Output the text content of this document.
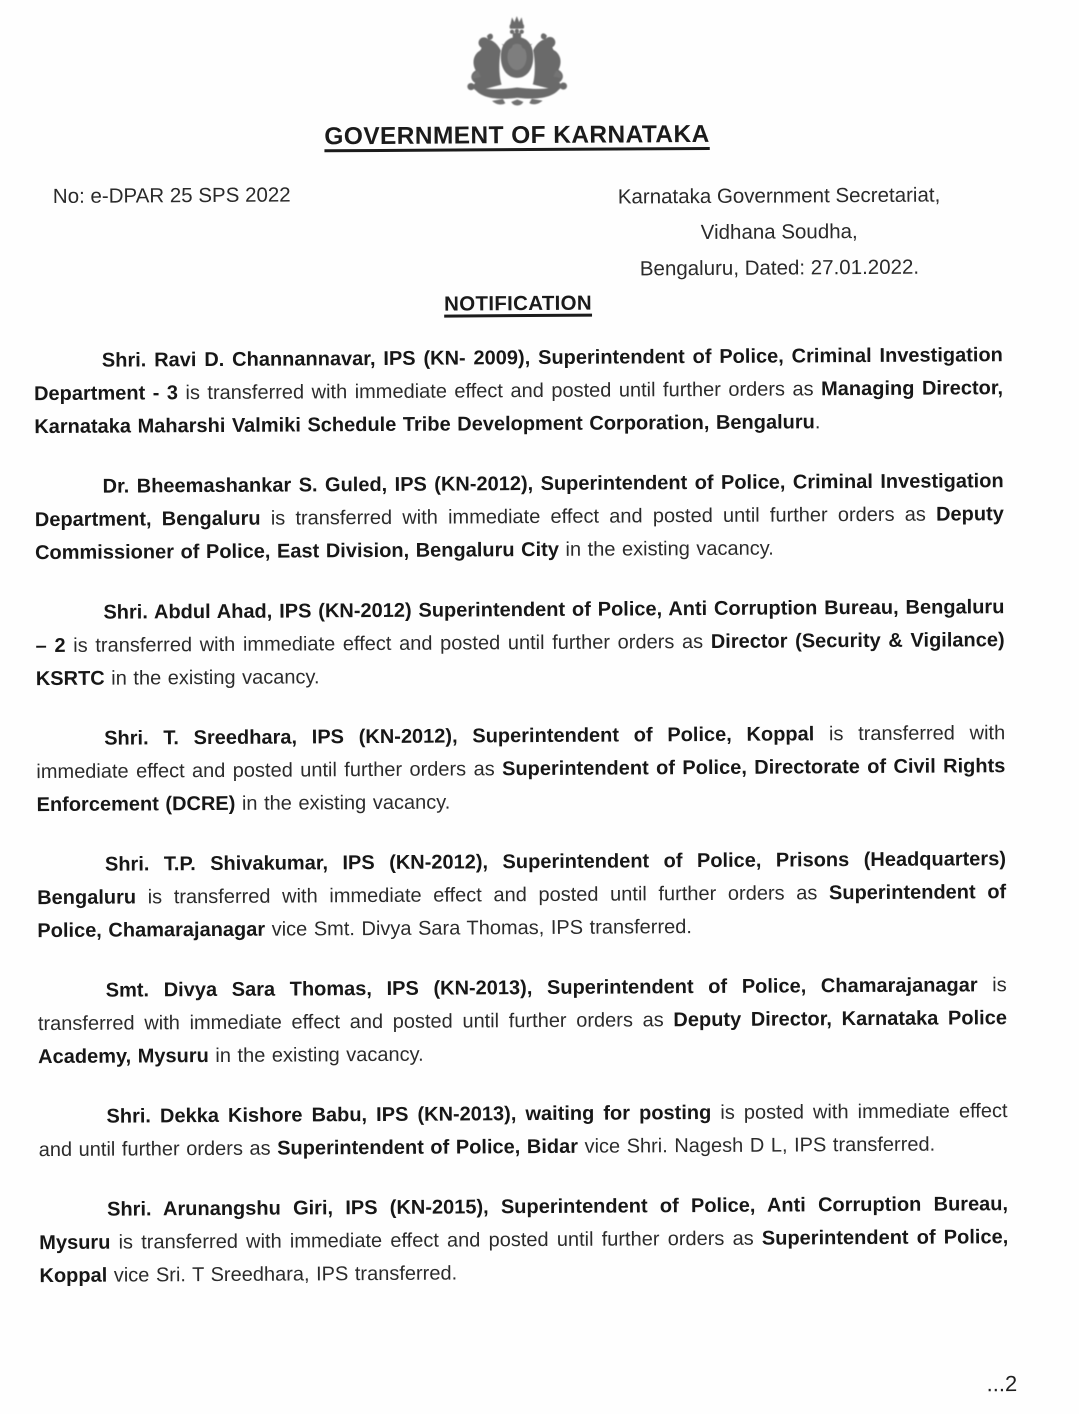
GOVERNMENT OF KARNATAKA
No: e-DPAR 25 SPS 2022	Karnataka Government Secretariat,
Vidhana Soudha,
Bengaluru, Dated: 27.01.2022.
NOTIFICATION

Shri. Ravi D. Channannavar, IPS (KN- 2009), Superintendent of Police, Criminal Investigation Department - 3 is transferred with immediate effect and posted until further orders as Managing Director, Karnataka Maharshi Valmiki Schedule Tribe Development Corporation, Bengaluru.

Dr. Bheemashankar S. Guled, IPS (KN-2012), Superintendent of Police, Criminal Investigation Department, Bengaluru is transferred with immediate effect and posted until further orders as Deputy Commissioner of Police, East Division, Bengaluru City in the existing vacancy.

Shri. Abdul Ahad, IPS (KN-2012) Superintendent of Police, Anti Corruption Bureau, Bengaluru – 2 is transferred with immediate effect and posted until further orders as Director (Security & Vigilance) KSRTC in the existing vacancy.

Shri. T. Sreedhara, IPS (KN-2012), Superintendent of Police, Koppal is transferred with immediate effect and posted until further orders as Superintendent of Police, Directorate of Civil Rights Enforcement (DCRE) in the existing vacancy.

Shri. T.P. Shivakumar, IPS (KN-2012), Superintendent of Police, Prisons (Headquarters) Bengaluru is transferred with immediate effect and posted until further orders as Superintendent of Police, Chamarajanagar vice Smt. Divya Sara Thomas, IPS transferred.

Smt. Divya Sara Thomas, IPS (KN-2013), Superintendent of Police, Chamarajanagar is transferred with immediate effect and posted until further orders as Deputy Director, Karnataka Police Academy, Mysuru in the existing vacancy.

Shri. Dekka Kishore Babu, IPS (KN-2013), waiting for posting is posted with immediate effect and until further orders as Superintendent of Police, Bidar vice Shri. Nagesh D L, IPS transferred.

Shri. Arunangshu Giri, IPS (KN-2015), Superintendent of Police, Anti Corruption Bureau, Mysuru is transferred with immediate effect and posted until further orders as Superintendent of Police, Koppal vice Sri. T Sreedhara, IPS transferred.

...2
